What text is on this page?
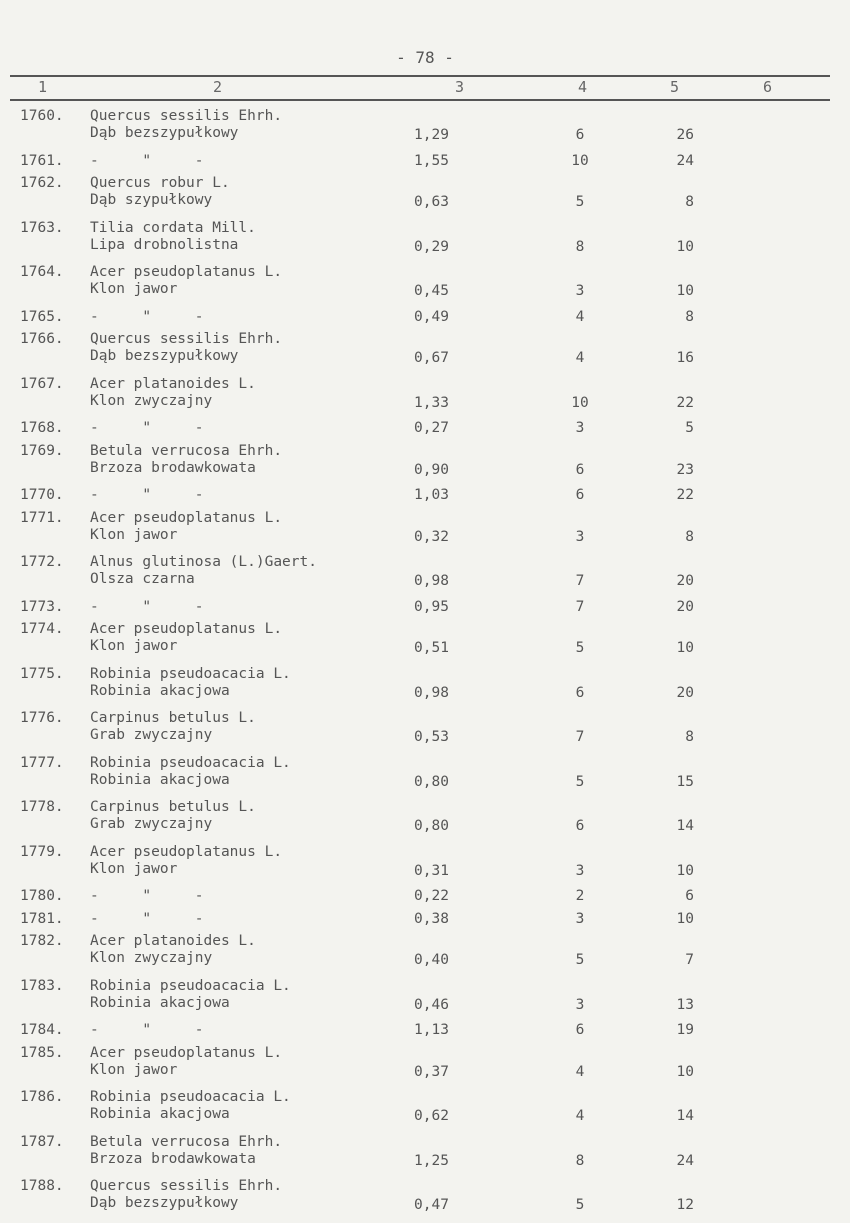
- 78 -
1	2	3	4	5	6
1760. Quercus sessilis Ehrh.
Dąb bezszypułkowy	1,29	6	26
1761. -     "     -	1,55	10	24
1762. Quercus robur L.
Dąb szypułkowy	0,63	5	8
1763. Tilia cordata Mill.
Lipa drobnolistna	0,29	8	10
1764. Acer pseudoplatanus L.
Klon jawor	0,45	3	10
1765. -     "     -	0,49	4	8
1766. Quercus sessilis Ehrh.
Dąb bezszypułkowy	0,67	4	16
1767. Acer platanoides L.
Klon zwyczajny	1,33	10	22
1768. -     "     -	0,27	3	5
1769. Betula verrucosa Ehrh.
Brzoza brodawkowata	0,90	6	23
1770. -     "     -	1,03	6	22
1771. Acer pseudoplatanus L.
Klon jawor	0,32	3	8
1772. Alnus glutinosa (L.)Gaert.
Olsza czarna	0,98	7	20
1773. -     "     -	0,95	7	20
1774. Acer pseudoplatanus L.
Klon jawor	0,51	5	10
1775. Robinia pseudoacacia L.
Robinia akacjowa	0,98	6	20
1776. Carpinus betulus L.
Grab zwyczajny	0,53	7	8
1777. Robinia pseudoacacia L.
Robinia akacjowa	0,80	5	15
1778. Carpinus betulus L.
Grab zwyczajny	0,80	6	14
1779. Acer pseudoplatanus L.
Klon jawor	0,31	3	10
1780. -     "     -	0,22	2	6
1781. -     "     -	0,38	3	10
1782. Acer platanoides L.
Klon zwyczajny	0,40	5	7
1783. Robinia pseudoacacia L.
Robinia akacjowa	0,46	3	13
1784. -     "     -	1,13	6	19
1785. Acer pseudoplatanus L.
Klon jawor	0,37	4	10
1786. Robinia pseudoacacia L.
Robinia akacjowa	0,62	4	14
1787. Betula verrucosa Ehrh.
Brzoza brodawkowata	1,25	8	24
1788. Quercus sessilis Ehrh.
Dąb bezszypułkowy	0,47	5	12
